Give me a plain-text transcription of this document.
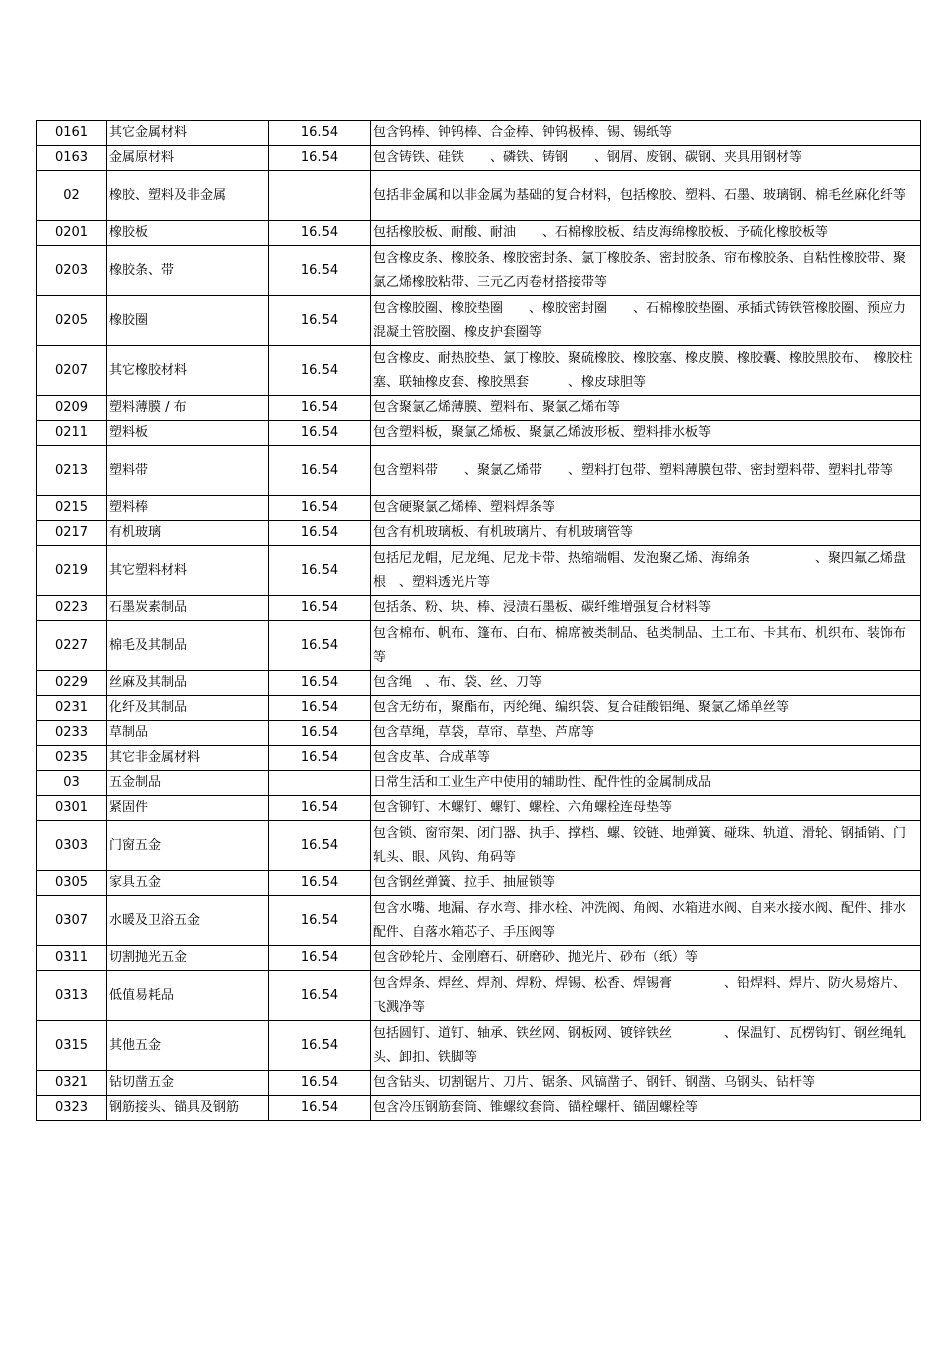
0161	其它金属材料	16.54	包含钨棒、钟钨棒、合金棒、钟钨极棒、锡、锡纸等
0163	金属原材料	16.54	包含铸铁、硅铁　　、磷铁、铸钢　　、钢屑、废钢、碳钢、夹具用钢材等
02	橡胶、塑料及非金属		包括非金属和以非金属为基础的复合材料，包括橡胶、塑料、石墨、玻璃钢、棉毛丝麻化纤等
0201	橡胶板	16.54	包括橡胶板、耐酸、耐油　　、石棉橡胶板、结皮海绵橡胶板、予硫化橡胶板等
0203	橡胶条、带	16.54	包含橡皮条、橡胶条、橡胶密封条、氯丁橡胶条、密封胶条、帘布橡胶条、自粘性橡胶带、聚氯乙烯橡胶粘带、三元乙丙卷材搭接带等
0205	橡胶圈	16.54	包含橡胶圈、橡胶垫圈　　、橡胶密封圈　　、石棉橡胶垫圈、承插式铸铁管橡胶圈、预应力混凝土管胶圈、橡皮护套圈等
0207	其它橡胶材料	16.54	包含橡皮、耐热胶垫、氯丁橡胶、聚硫橡胶、橡胶塞、橡皮膜、橡胶囊、橡胶黑胶布、　橡胶柱塞、联轴橡皮套、橡胶黑套　　　、橡皮球胆等
0209	塑料薄膜 / 布	16.54	包含聚氯乙烯薄膜、塑料布、聚氯乙烯布等
0211	塑料板	16.54	包含塑料板，聚氯乙烯板、聚氯乙烯波形板、塑料排水板等
0213	塑料带	16.54	包含塑料带　　、聚氯乙烯带　　、塑料打包带、塑料薄膜包带、密封塑料带、塑料扎带等
0215	塑料棒	16.54	包含硬聚氯乙烯棒、塑料焊条等
0217	有机玻璃	16.54	包含有机玻璃板、有机玻璃片、有机玻璃管等
0219	其它塑料材料	16.54	包括尼龙帽，尼龙绳、尼龙卡带、热缩端帽、发泡聚乙烯、海绵条　　　　　、聚四氟乙烯盘根　、塑料透光片等
0223	石墨炭素制品	16.54	包括条、粉、块、棒、浸渍石墨板、碳纤维增强复合材料等
0227	棉毛及其制品	16.54	包含棉布、帆布、篷布、白布、棉席被类制品、毡类制品、土工布、卡其布、机织布、装饰布等
0229	丝麻及其制品	16.54	包含绳　、布、袋、丝、刀等
0231	化纤及其制品	16.54	包含无纺布，聚酯布，丙纶绳、编织袋、复合硅酸铝绳、聚氯乙烯单丝等
0233	草制品	16.54	包含草绳，草袋，草帘、草垫、芦席等
0235	其它非金属材料	16.54	包含皮革、合成革等
03	五金制品		日常生活和工业生产中使用的辅助性、配件性的金属制成品
0301	紧固件	16.54	包含铆钉、木螺钉、螺钉、螺栓、六角螺栓连母垫等
0303	门窗五金	16.54	包含锁、窗帘架、闭门器、执手、撑档、螺、铰链、地弹簧、碰珠、轨道、滑轮、钢插销、门轧头、眼、风钩、角码等
0305	家具五金	16.54	包含钢丝弹簧、拉手、抽屉锁等
0307	水暖及卫浴五金	16.54	包含水嘴、地漏、存水弯、排水栓、冲洗阀、角阀、水箱进水阀、自来水接水阀、配件、排水配件、自落水箱芯子、手压阀等
0311	切割抛光五金	16.54	包含砂轮片、金刚磨石、研磨砂、抛光片、砂布（纸）等
0313	低值易耗品	16.54	包含焊条、焊丝、焊剂、焊粉、焊锡、松香、焊锡膏　　　　、铅焊料、焊片、防火易熔片、飞溅净等
0315	其他五金	16.54	包括圆钉、道钉、轴承、铁丝网、钢板网、镀锌铁丝　　　　、保温钉、瓦楞钩钉、钢丝绳轧头、卸扣、铁脚等
0321	钻切凿五金	16.54	包含钻头、切割锯片、刀片、锯条、风镐凿子、钢钎、钢凿、乌钢头、钻杆等
0323	钢筋接头、锚具及钢筋	16.54	包含冷压钢筋套筒、锥螺纹套筒、锚栓螺杆、锚固螺栓等
